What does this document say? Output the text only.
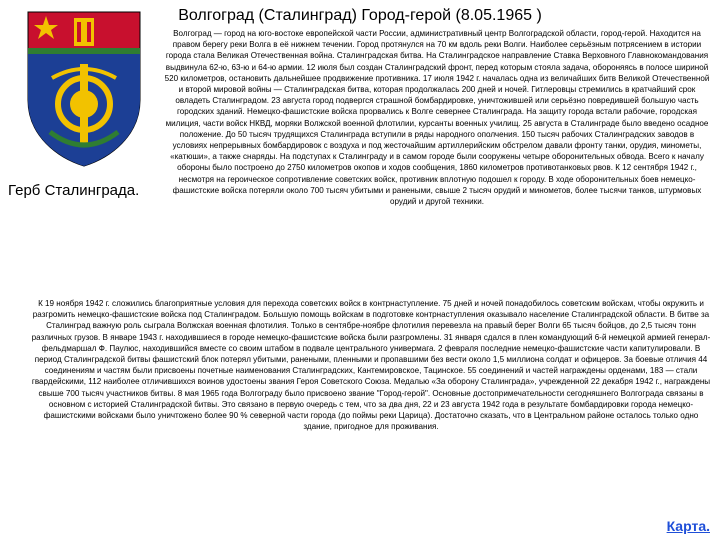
Волгоград (Сталинград) Город-герой (8.05.1965 )
Герб Сталинграда.
Волгоград — город на юго-востоке европейской части России, административный центр Волгоградской области, город-герой. Находится на правом берегу реки Волга в её нижнем течении. Город протянулся на 70 км вдоль реки Волги. Наиболее серьёзным потрясением в истории города стала Великая Отечественная война. Сталинградская битва. На Сталинградское направление Ставка Верховного Главнокомандования выдвинула 62-ю, 63-ю и 64-ю армии. 12 июля был создан Сталинградский фронт, перед которым стояла задача, обороняясь в полосе шириной 520 километров, остановить дальнейшее продвижение противника. 17 июля 1942 г. началась одна из величайших битв Великой Отечественной и второй мировой войны — Сталинградская битва, которая продолжалась 200 дней и ночей. Гитлеровцы стремились в кратчайший срок овладеть Сталинградом. 23 августа город подвергся страшной бомбардировке, уничтожившей или серьёзно повредившей большую часть городских зданий. Немецко-фашистские войска прорвались к Волге севернее Сталинграда. На защиту города встали рабочие, городская милиция, части войск НКВД, моряки Волжской военной флотилии, курсанты военных училищ. 25 августа в Сталинграде было введено осадное положение. До 50 тысяч трудящихся Сталинграда вступили в ряды народного ополчения. 150 тысяч рабочих Сталинградских заводов в условиях непрерывных бомбардировок с воздуха и под жесточайшим артиллерийским обстрелом давали фронту танки, орудия, минометы, «катюши», а также снаряды. На подступах к Сталинграду и в самом городе были сооружены четыре оборонительных обвода. Всего к началу обороны было построено до 2750 километров окопов и ходов сообщения, 1860 километров противотанковых рвов. К 12 сентября 1942 г., несмотря на героическое сопротивление советских войск, противник вплотную подошел к городу. В ходе оборонительных боев немецко-фашистские войска потеряли около 700 тысяч убитыми и ранеными, свыше 2 тысяч орудий и минометов, более тысячи танков, штурмовых орудий и другой техники.
К 19 ноября 1942 г. сложились благоприятные условия для перехода советских войск в контрнаступление. 75 дней и ночей понадобилось советским войскам, чтобы окружить и разгромить немецко-фашистские войска под Сталинградом. Большую помощь войскам в подготовке контрнаступления оказывало население Сталинградской области. В битве за Сталинград важную роль сыграла Волжская военная флотилия. Только в сентябре-ноябре флотилия перевезла на правый берег Волги 65 тысяч бойцов, до 2,5 тысяч тонн различных грузов. В январе 1943 г. находившиеся в городе немецко-фашистские войска были разгромлены. 31 января сдался в плен командующий 6-й немецкой армией генерал-фельдмаршал Ф. Паулюс, находившийся вместе со своим штабом в подвале центрального универмага. 2 февраля последние немецко-фашистские части капитулировали. В период Сталинградской битвы фашистский блок потерял убитыми, ранеными, пленными и пропавшими без вести около 1,5 миллиона солдат и офицеров. За боевые отличия 44 соединениям и частям были присвоены почетные наименования Сталинградских, Кантемировское, Тацинское. 55 соединений и частей награждены орденами, 183 — стали гвардейскими, 112 наиболее отличившихся воинов удостоены звания Героя Советского Союза. Медалью «За оборону Сталинграда», учрежденной 22 декабря 1942 г., награждены свыше 700 тысяч участников битвы. 8 мая 1965 года Волгограду было присвоено звание "Город-герой". Основные достопримечательности сегодняшнего Волгограда связаны в основном с историей Сталинградской битвы. Это связано в первую очередь с тем, что за два дня, 22 и 23 августа 1942 года в результате бомбардировки города немецко-фашистскими войсками было уничтожено более 90 % северной части города (до поймы реки Царица). Достаточно сказать, что в Центральном районе осталось только одно здание, пригодное для проживания.
Карта.
